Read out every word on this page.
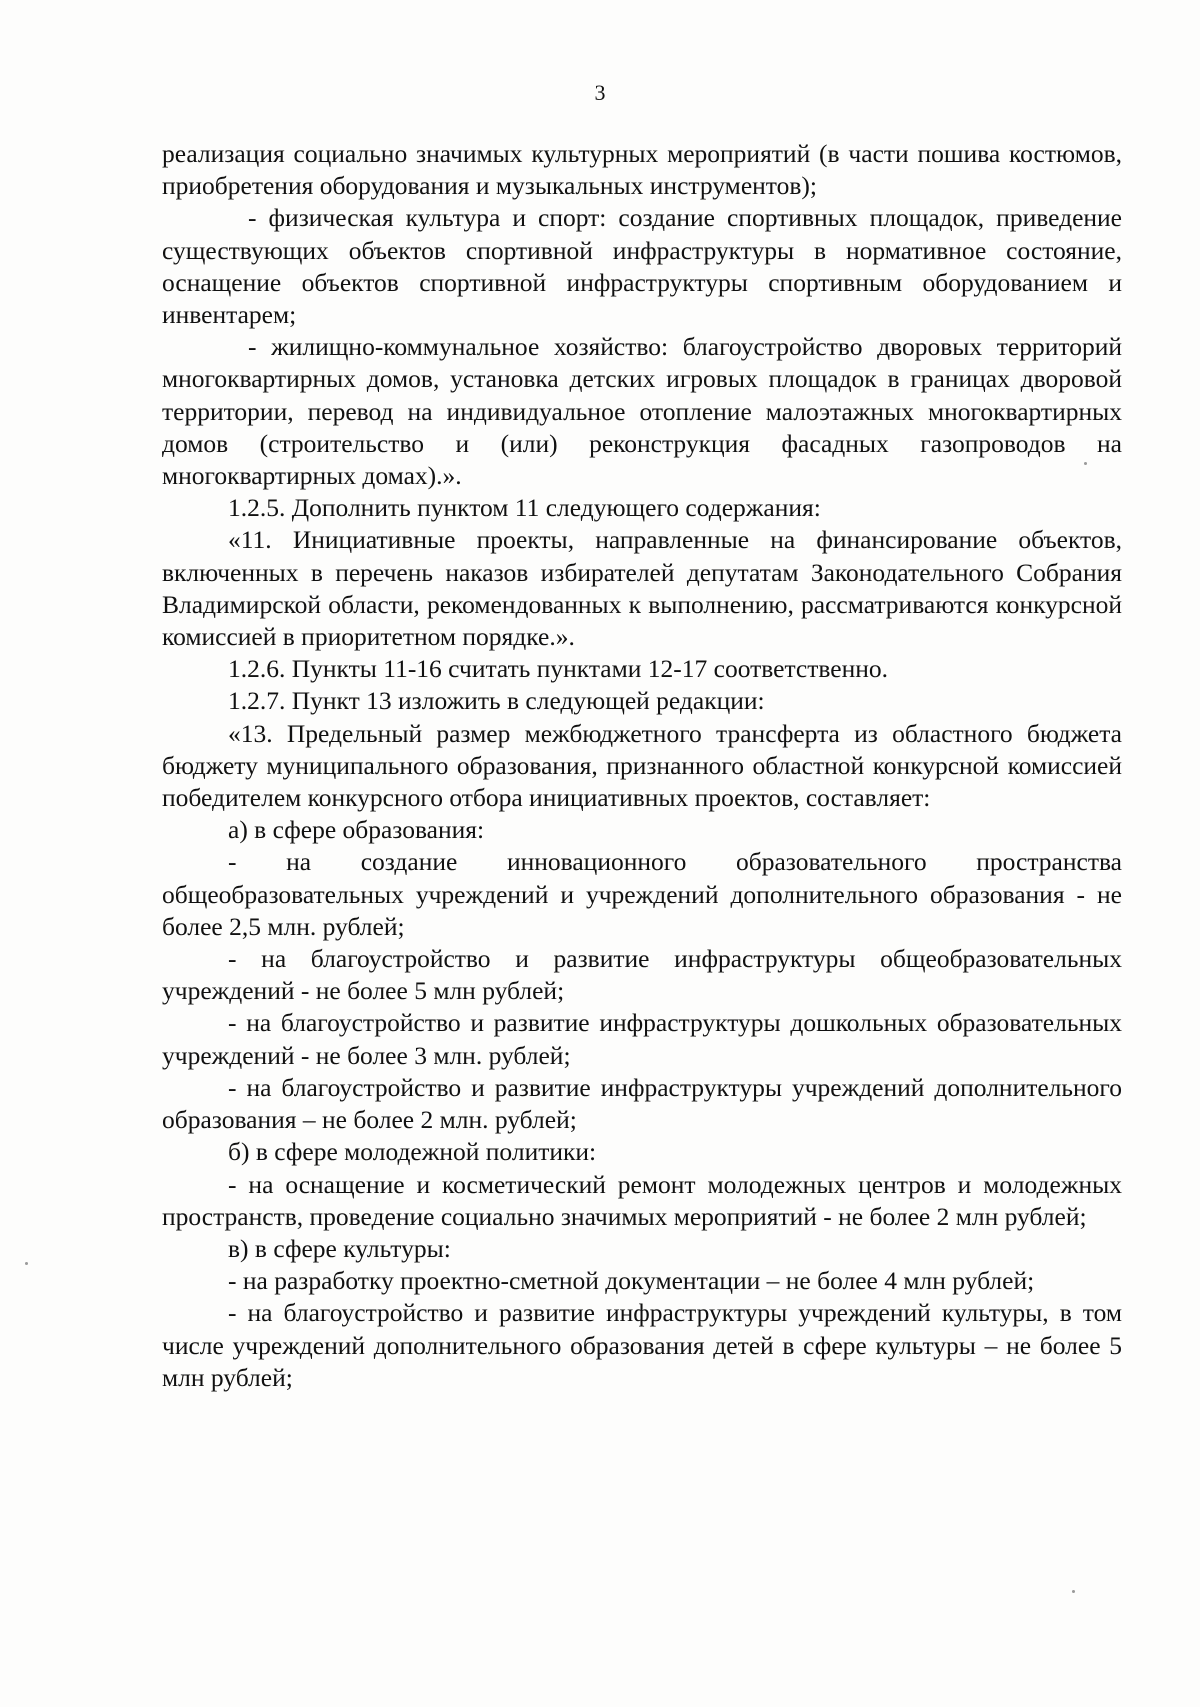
3

реализация социально значимых культурных мероприятий (в части пошива костюмов, приобретения оборудования и музыкальных инструментов);

- физическая культура и спорт: создание спортивных площадок, приведение существующих объектов спортивной инфраструктуры в нормативное состояние, оснащение объектов спортивной инфраструктуры спортивным оборудованием и инвентарем;

- жилищно-коммунальное хозяйство: благоустройство дворовых территорий многоквартирных домов, установка детских игровых площадок в границах дворовой территории, перевод на индивидуальное отопление малоэтажных многоквартирных домов (строительство и (или) реконструкция фасадных газопроводов на многоквартирных домах).».

1.2.5. Дополнить пунктом 11 следующего содержания:

«11. Инициативные проекты, направленные на финансирование объектов, включенных в перечень наказов избирателей депутатам Законодательного Собрания Владимирской области, рекомендованных к выполнению, рассматриваются конкурсной комиссией в приоритетном порядке.».

1.2.6. Пункты 11-16 считать пунктами 12-17 соответственно.

1.2.7. Пункт 13 изложить в следующей редакции:

«13. Предельный размер межбюджетного трансферта из областного бюджета бюджету муниципального образования, признанного областной конкурсной комиссией победителем конкурсного отбора инициативных проектов, составляет:

а) в сфере образования:

- на создание инновационного образовательного пространства общеобразовательных учреждений и учреждений дополнительного образования - не более 2,5 млн. рублей;

- на благоустройство и развитие инфраструктуры общеобразовательных учреждений - не более 5 млн рублей;

- на благоустройство и развитие инфраструктуры дошкольных образовательных учреждений - не более 3 млн. рублей;

- на благоустройство и развитие инфраструктуры учреждений дополнительного образования – не более 2 млн. рублей;

б) в сфере молодежной политики:

- на оснащение и косметический ремонт молодежных центров и молодежных пространств, проведение социально значимых мероприятий - не более 2 млн рублей;

в) в сфере культуры:

- на разработку проектно-сметной документации – не более 4 млн рублей;

- на благоустройство и развитие инфраструктуры учреждений культуры, в том числе учреждений дополнительного образования детей в сфере культуры – не более 5 млн рублей;
